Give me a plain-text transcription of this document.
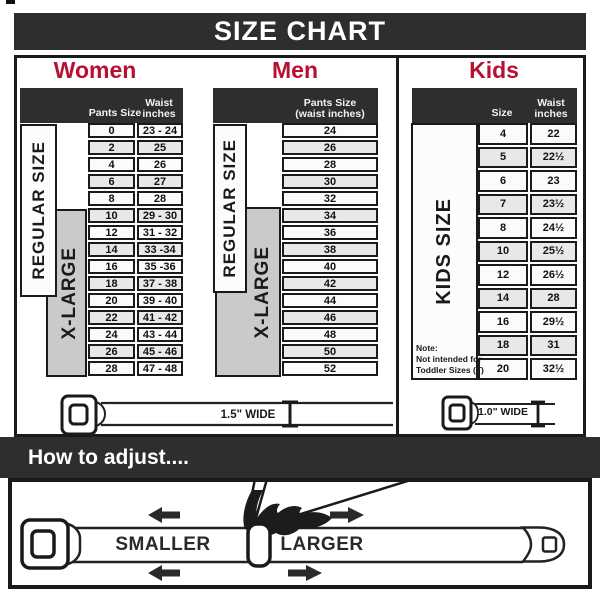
SIZE CHART
Women	Men	Kids
Pants Size
Waist
inches
0	23 - 24
2	25
4	26
6	27
8	28
10	29 - 30
12	31 - 32
14	33 -34
16	35 -36
18	37 - 38
20	39 - 40
22	41 - 42
24	43 - 44
26	45 - 46
28	47 - 48
X-LARGE
REGULAR SIZE
Pants Size
(waist inches)
24
26
28
30
32
34
36
38
40
42
44
46
48
50
52
X-LARGE
REGULAR SIZE
Size
Waist
inches
4	22
5	22½
6	23
7	23½
8	24½
10	25½
12	26½
14	28
16	29½
18	31
20	32½
KIDS SIZE
Note:
Not intended for
Toddler Sizes (T)
1.5" WIDE	1.0" WIDE
How to adjust....
SMALLER	LARGER
